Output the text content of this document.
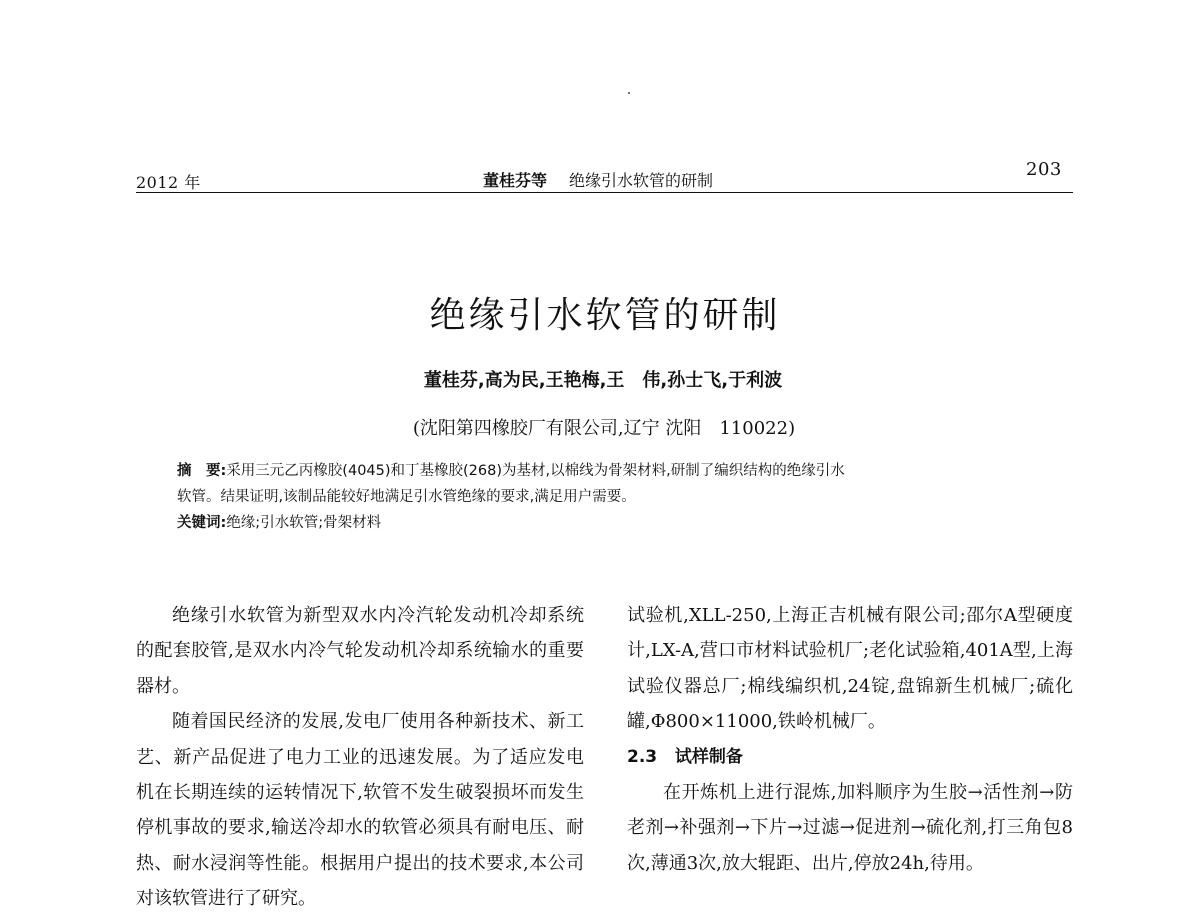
2012 年	董桂芬等 绝缘引水软管的研制
203
绝缘引水软管的研制
董桂芬,高为民,王艳梅,王　伟,孙士飞,于利波
(沈阳第四橡胶厂有限公司,辽宁 沈阳　110022)
摘　要:采用三元乙丙橡胶(4045)和丁基橡胶(268)为基材,以棉线为骨架材料,研制了编织结构的绝缘引水
软管。结果证明,该制品能较好地满足引水管绝缘的要求,满足用户需要。
关键词:绝缘;引水软管;骨架材料

绝缘引水软管为新型双水内冷汽轮发动机冷却系统的配套胶管,是双水内冷气轮发动机冷却系统输水的重要器材。

随着国民经济的发展,发电厂使用各种新技术、新工艺、新产品促进了电力工业的迅速发展。为了适应发电机在长期连续的运转情况下,软管不发生破裂损坏而发生停机事故的要求,输送冷却水的软管必须具有耐电压、耐热、耐水浸润等性能。根据用户提出的技术要求,本公司对该软管进行了研究。

试验机,XLL-250,上海正吉机械有限公司;邵尔A型硬度计,LX-A,营口市材料试验机厂;老化试验箱,401A型,上海试验仪器总厂;棉线编织机,24锭,盘锦新生机械厂;硫化罐,Φ800×11000,铁岭机械厂。

2.3 试样制备

在开炼机上进行混炼,加料顺序为生胶→活性剂→防老剂→补强剂→下片→过滤→促进剂→硫化剂,打三角包8次,薄通3次,放大辊距、出片,停放24h,待用。
